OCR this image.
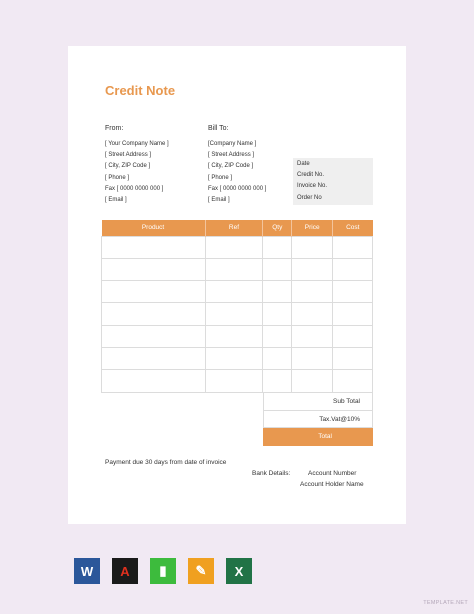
Credit Note
From:
[ Your Company Name ]
[ Street Address ]
[ City, ZIP Code ]
[ Phone ]
Fax [ 0000 0000 000 ]
[ Email ]
Bill To:
[Company Name ]
[ Street Address ]
[ City, ZIP Code ]
[ Phone ]
Fax [ 0000 0000 000 ]
[ Email ]
Date
Credit No.
Invoice No.
Order No
Product	Ref	Qty	Price	Cost

Sub Total
Tax.Vat@10%
Total
Payment due 30 days from date of invoice
Bank Details:	Account Number
Account Holder Name
W	A	▮	✎	X
TEMPLATE.NET
